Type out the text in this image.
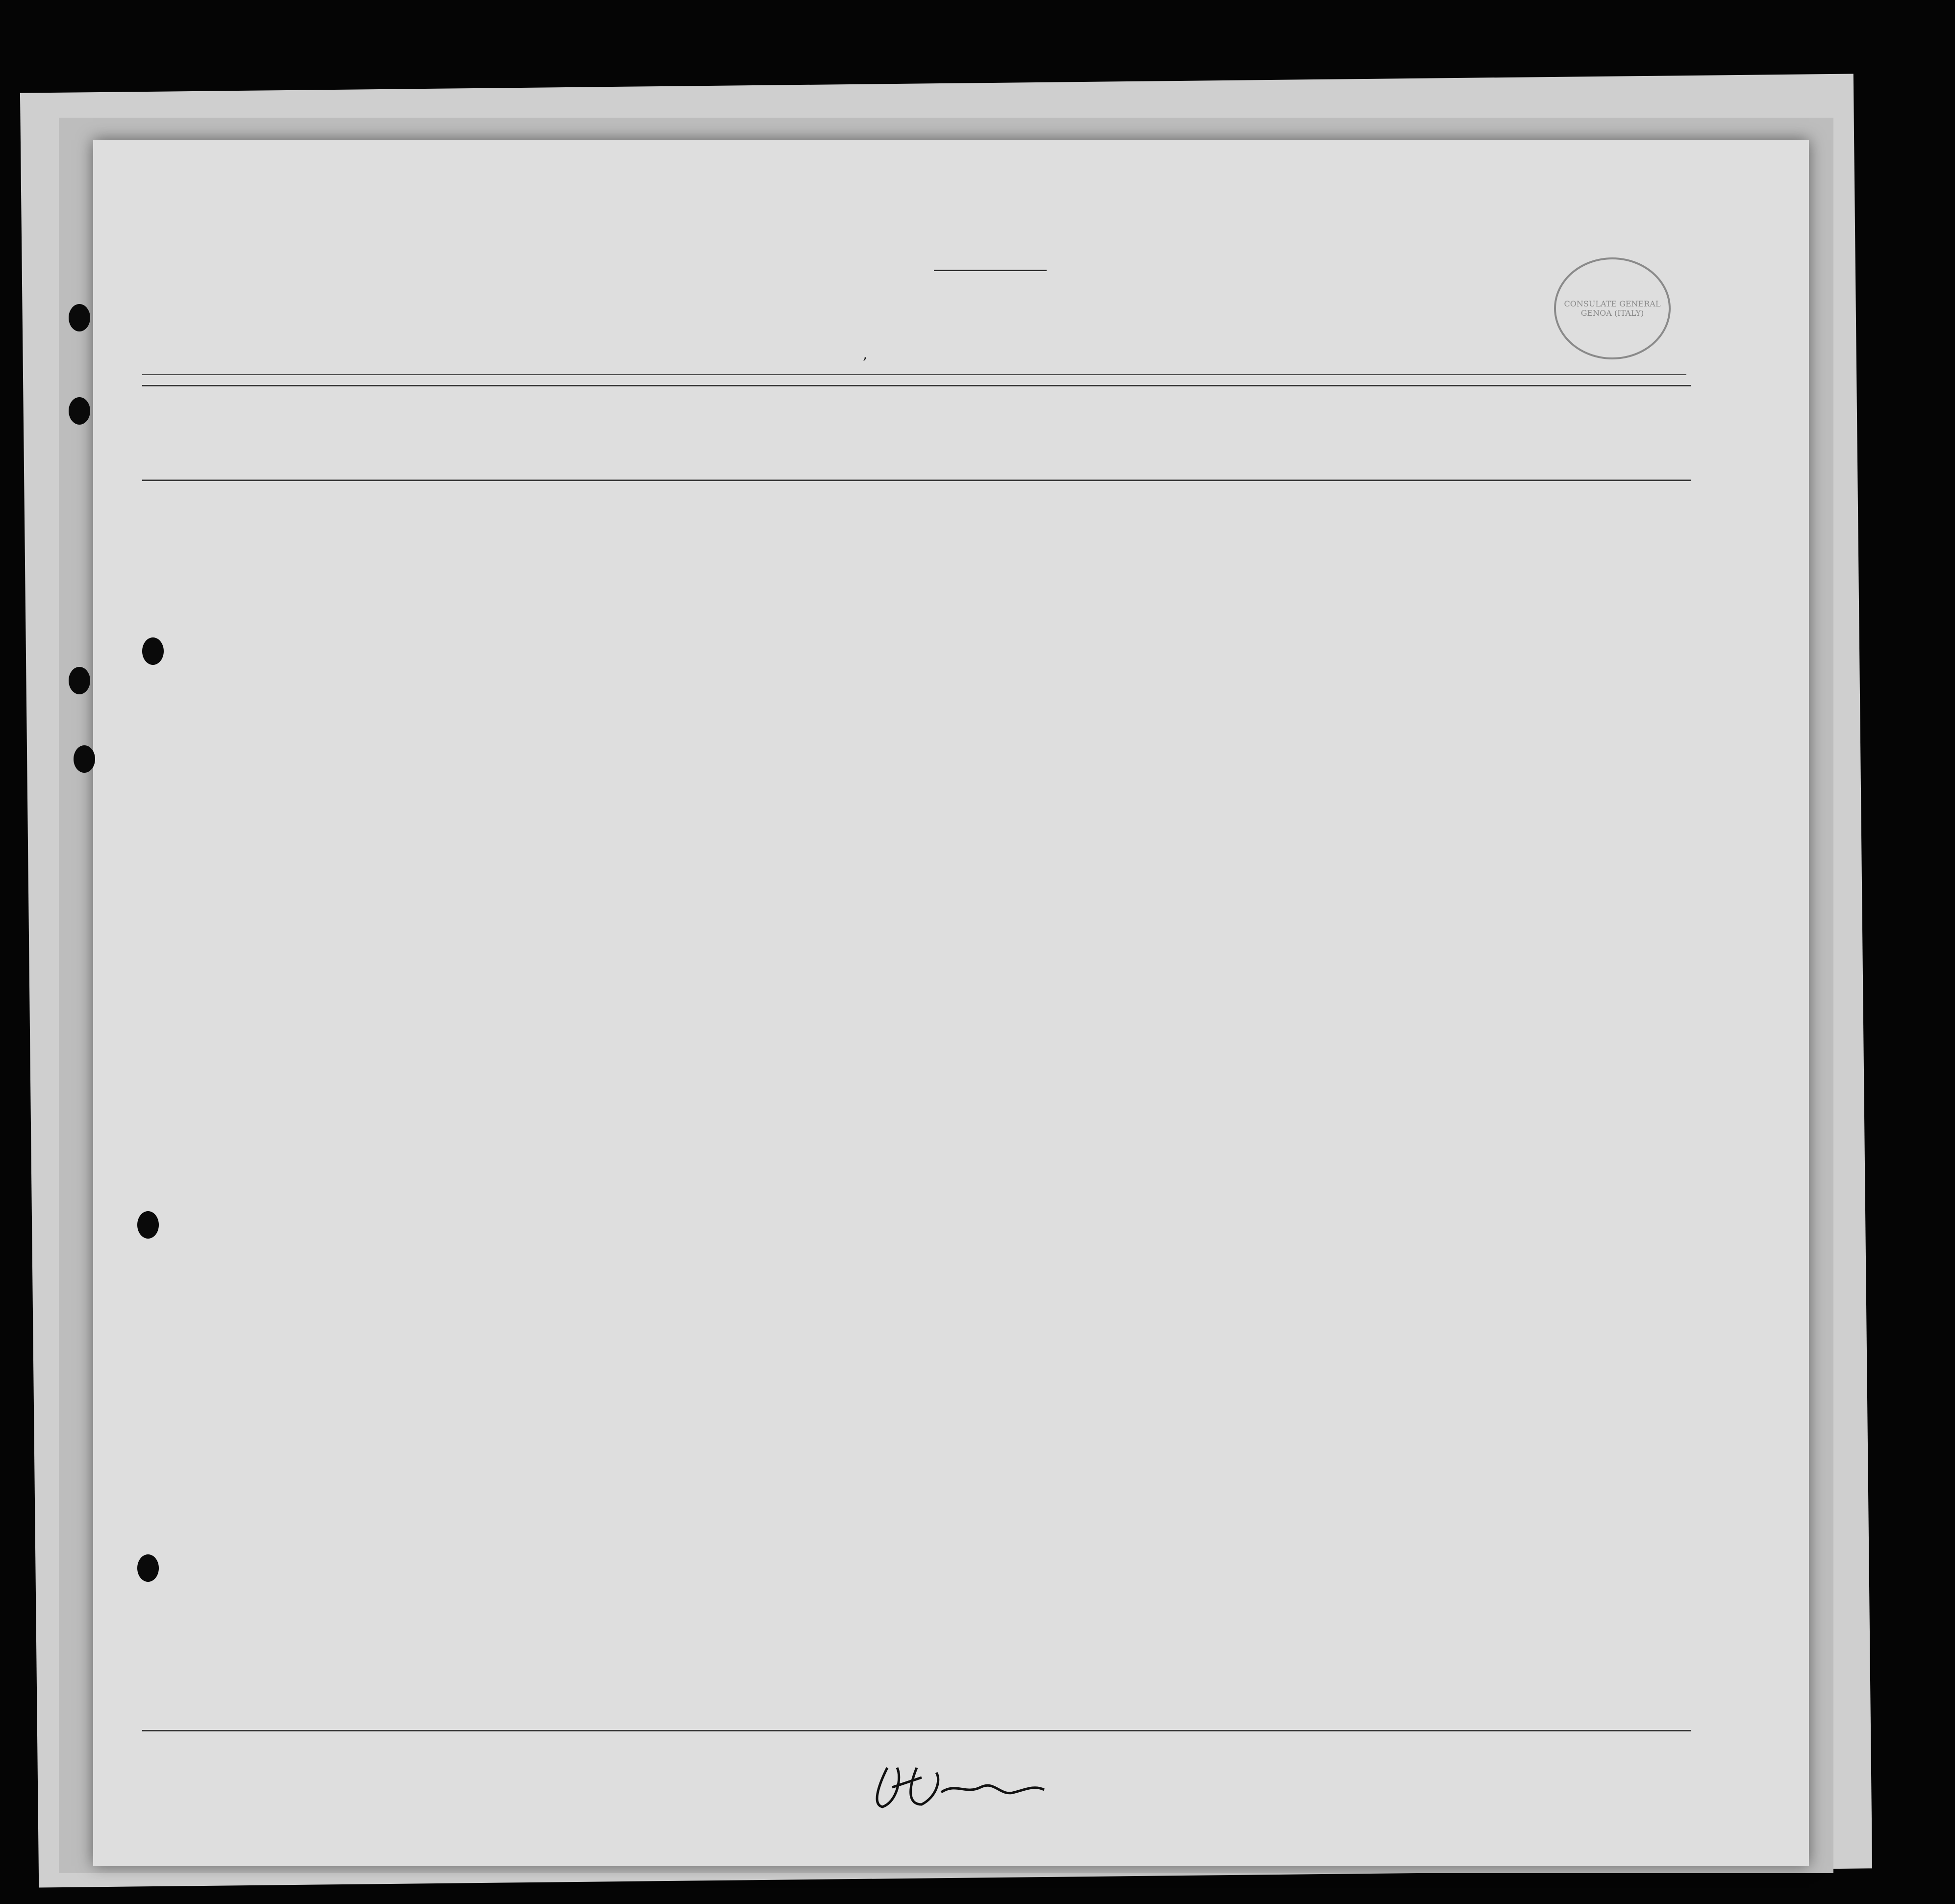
CONSULATE GENERAL
GENOA (ITALY)
,
